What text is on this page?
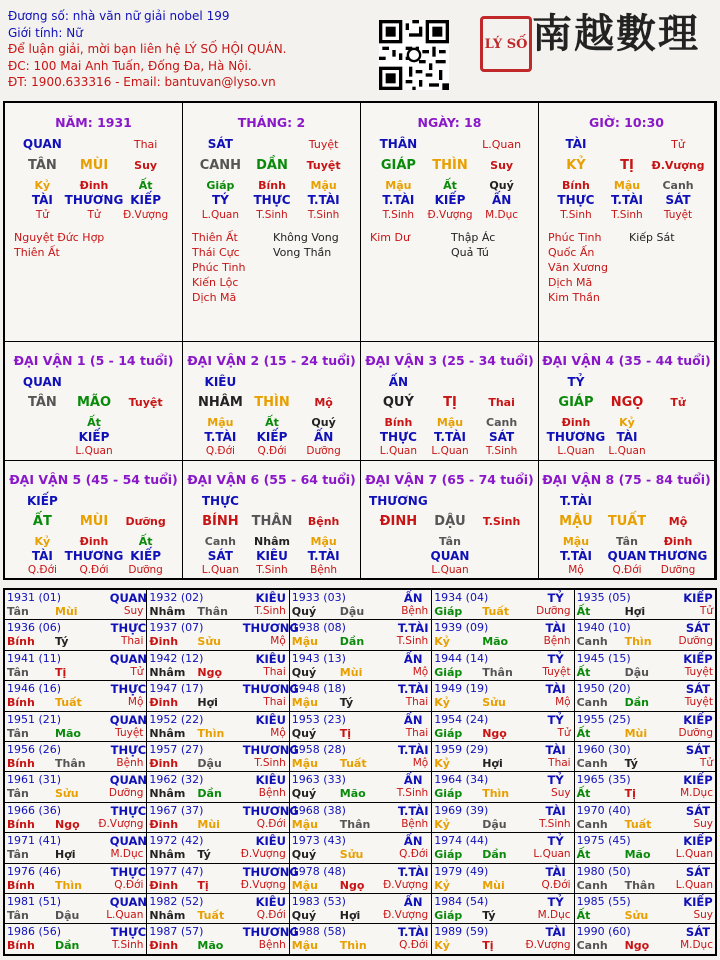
Đương số: nhà văn nữ giải nobel 199
Giới tính: Nữ
Để luận giải, mời bạn liên hệ LÝ SỐ HỘI QUÁN.
ĐC: 100 Mai Anh Tuấn, Đống Đa, Hà Nội.
ĐT: 1900.633316 - Email: bantuvan@lyso.vn
LÝ SỐ 南越數理
NĂM: 1931
QUAN	Thai
TÂN MÙI Suy
Kỷ	Đinh	Ất
TÀI THƯƠNG KIẾP
Tử	Tử Đ.Vượng
Nguyệt Đức Hợp
Thiên Ất
THÁNG: 2
SÁT	Tuyệt
CANH DẦN Tuyệt
Giáp Bính Mậu
TÝ THỰC T.TÀI
L.Quan T.Sinh T.Sinh
Thiên Ất
Thái Cực
Phúc Tinh
Kiến Lộc
Dịch Mã
Không Vong
Vong Thần
NGÀY: 18
THÂN	L.Quan
GIÁP THÌN Suy
Mậu	Ất	Quý
T.TÀI KIẾP ẤN
T.Sinh Đ.Vượng M.Dục
Kim Dư	Thập Ác
Quả Tú
GIỜ: 10:30
TÀI	Tử
KỶ	TỊ Đ.Vượng
Bính Mậu Canh
THỰC T.TÀI SÁT
T.Sinh T.Sinh Tuyệt
Phúc Tinh
Quốc Ấn
Văn Xương
Dịch Mã
Kim Thần
Kiếp Sát
ĐẠI VẬN 1 (5 - 14 tuổi)
QUAN
TÂN MÃO Tuyệt
Ất
KIẾP
L.Quan
ĐẠI VẬN 2 (15 - 24 tuổi)
KIÊU
NHÂM THÌN Mộ
Mậu	Ất	Quý
T.TÀI KIẾP ẤN
Q.Đới Q.Đới Dưỡng
ĐẠI VẬN 3 (25 - 34 tuổi)
ẤN
QUÝ TỊ	Thai
Bính Mậu Canh
THỰC T.TÀI SÁT
L.Quan L.Quan T.Sinh
ĐẠI VẬN 4 (35 - 44 tuổi)
TỶ
GIÁP NGỌ Tử
Đinh	Kỷ
THƯƠNG TÀI
L.Quan L.Quan
ĐẠI VẬN 5 (45 - 54 tuổi)
KIẾP
ẤT MÙI Dưỡng
Kỷ	Đinh	Ất
TÀI THƯƠNG KIẾP
Q.Đới Q.Đới Dưỡng
ĐẠI VẬN 6 (55 - 64 tuổi)
THỰC
BÍNH THÂN Bệnh
Canh Nhâm Mậu
SÁT KIÊU T.TÀI
L.Quan T.Sinh Bệnh
ĐẠI VẬN 7 (65 - 74 tuổi)
THƯƠNG
ĐINH DẬU T.Sinh
Tân
QUAN
L.Quan
ĐẠI VẬN 8 (75 - 84 tuổi)
T.TÀI
MẬU TUẤT Mộ
Mậu Tân Đinh
T.TÀI QUAN THƯƠNG
Mộ	Q.Đới Dưỡng
1931 (01)	QUAN
Tân Mùi	Suy
1932 (02)	KIÊU
Nhâm Thân	T.Sinh
1933 (03)	ẤN
Quý Dậu	Bệnh
1934 (04)	TỶ
Giáp Tuất	Dưỡng
1935 (05)	KIẾP
Ất	Hợi	Tử
1936 (06)	THỰC
Bính Tý	Thai
1937 (07)	THƯƠNG
Đinh Sửu	Mộ
1938 (08)	T.TÀI
Mậu Dần	T.Sinh
1939 (09)	TÀI
Kỷ	Mão	Bệnh
1940 (10)	SÁT
Canh Thìn	Dưỡng
1941 (11)	QUAN
Tân Tị	Tử
1942 (12)	KIÊU
Nhâm Ngọ	Thai
1943 (13)	ẤN
Quý Mùi	Mộ
1944 (14)	TỶ
Giáp Thân	Tuyệt
1945 (15)	KIẾP
Ất	Dậu	Tuyệt
1946 (16)	THỰC
Bính Tuất	Mộ
1947 (17)	THƯƠNG
Đinh Hợi	Thai
1948 (18)	T.TÀI
Mậu Tý	Thai
1949 (19)	TÀI
Kỷ	Sửu	Mộ
1950 (20)	SÁT
Canh Dần	Tuyệt
1951 (21)	QUAN
Tân Mão	Tuyệt
1952 (22)	KIÊU
Nhâm Thìn	Mộ
1953 (23)	ẤN
Quý Tị	Thai
1954 (24)	TỶ
Giáp Ngọ	Tử
1955 (25)	KIẾP
Ất	Mùi	Dưỡng
1956 (26)	THỰC
Bính Thân	Bệnh
1957 (27)	THƯƠNG
Đinh Dậu	T.Sinh
1958 (28)	T.TÀI
Mậu Tuất	Mộ
1959 (29)	TÀI
Kỷ	Hợi	Thai
1960 (30)	SÁT
Canh Tý	Tử
1961 (31)	QUAN
Tân Sửu	Dưỡng
1962 (32)	KIÊU
Nhâm Dần	Bệnh
1963 (33)	ẤN
Quý Mão	T.Sinh
1964 (34)	TỶ
Giáp Thìn	Suy
1965 (35)	KIẾP
Ất	Tị	M.Dục
1966 (36)	THỰC
Bính Ngọ Đ.Vượng
1967 (37)	THƯƠNG
Đinh Mùi	Q.Đới
1968 (38)	T.TÀI
Mậu Thân	Bệnh
1969 (39)	TÀI
Kỷ	Dậu	T.Sinh
1970 (40)	SÁT
Canh Tuất	Suy
1971 (41)	QUAN
Tân Hợi	M.Dục
1972 (42)	KIÊU
Nhâm Tý	Đ.Vượng
1973 (43)	ẤN
Quý Sửu	Q.Đới
1974 (44)	TỶ
Giáp Dần	L.Quan
1975 (45)	KIẾP
Ất	Mão L.Quan
1976 (46)	THỰC
Bính Thìn	Q.Đới
1977 (47)	THƯƠNG
Đinh Tị	Đ.Vượng
1978 (48)	T.TÀI
Mậu Ngọ Đ.Vượng
1979 (49)	TÀI
Kỷ	Mùi	Q.Đới
1980 (50)	SÁT
Canh Thân L.Quan
1981 (51)	QUAN
Tân Dậu	L.Quan
1982 (52)	KIÊU
Nhâm Tuất	Q.Đới
1983 (53)	ẤN
Quý Hợi Đ.Vượng
1984 (54)	TỶ
Giáp Tý	M.Dục
1985 (55)	KIẾP
Ất	Sửu	Suy
1986 (56)	THỰC
Bính Dần	T.Sinh
1987 (57)	THƯƠNG
Đinh Mão	Bệnh
1988 (58)	T.TÀI
Mậu Thìn	Q.Đới
1989 (59)	TÀI
Kỷ	Tị	Đ.Vượng
1990 (60)	SÁT
Canh Ngọ	M.Dục
